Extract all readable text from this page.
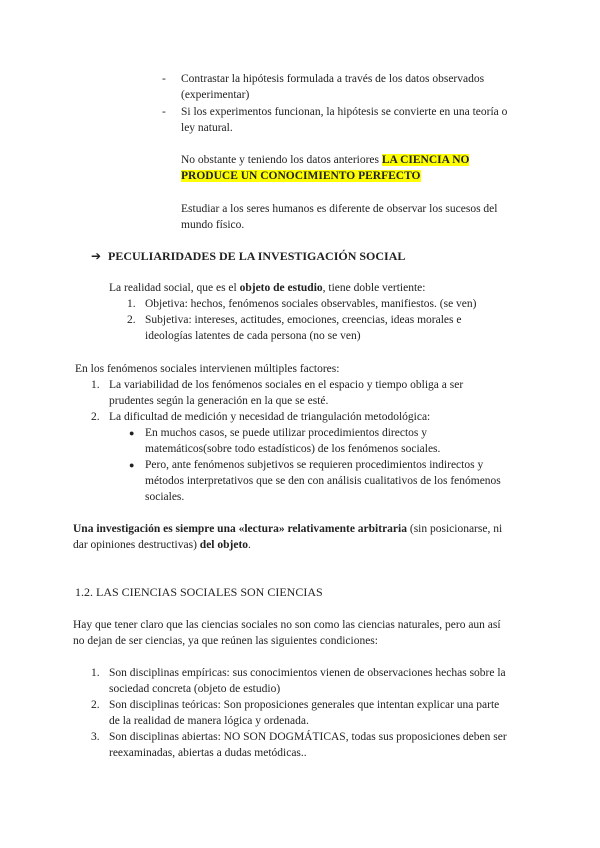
- Contrastar la hipótesis formulada a través de los datos observados
(experimentar)
- Si los experimentos funcionan, la hipótesis se convierte en una teoría o
ley natural.
No obstante y teniendo los datos anteriores LA CIENCIA NO
PRODUCE UN CONOCIMIENTO PERFECTO
Estudiar a los seres humanos es diferente de observar los sucesos del
mundo físico.
➔ PECULIARIDADES DE LA INVESTIGACIÓN SOCIAL
La realidad social, que es el objeto de estudio, tiene doble vertiente:
1. Objetiva: hechos, fenómenos sociales observables, manifiestos. (se ven)
2. Subjetiva: intereses, actitudes, emociones, creencias, ideas morales e
ideologías latentes de cada persona (no se ven)
En los fenómenos sociales intervienen múltiples factores:
1. La variabilidad de los fenómenos sociales en el espacio y tiempo obliga a ser
prudentes según la generación en la que se esté.
2. La dificultad de medición y necesidad de triangulación metodológica:
● En muchos casos, se puede utilizar procedimientos directos y
matemáticos(sobre todo estadísticos) de los fenómenos sociales.
● Pero, ante fenómenos subjetivos se requieren procedimientos indirectos y
métodos interpretativos que se den con análisis cualitativos de los fenómenos
sociales.
Una investigación es siempre una «lectura» relativamente arbitraria (sin posicionarse, ni
dar opiniones destructivas) del objeto.
1.2. LAS CIENCIAS SOCIALES SON CIENCIAS
Hay que tener claro que las ciencias sociales no son como las ciencias naturales, pero aun así
no dejan de ser ciencias, ya que reúnen las siguientes condiciones:
1. Son disciplinas empíricas: sus conocimientos vienen de observaciones hechas sobre la
sociedad concreta (objeto de estudio)
2. Son disciplinas teóricas: Son proposiciones generales que intentan explicar una parte
de la realidad de manera lógica y ordenada.
3. Son disciplinas abiertas: NO SON DOGMÁTICAS, todas sus proposiciones deben ser
reexaminadas, abiertas a dudas metódicas..
